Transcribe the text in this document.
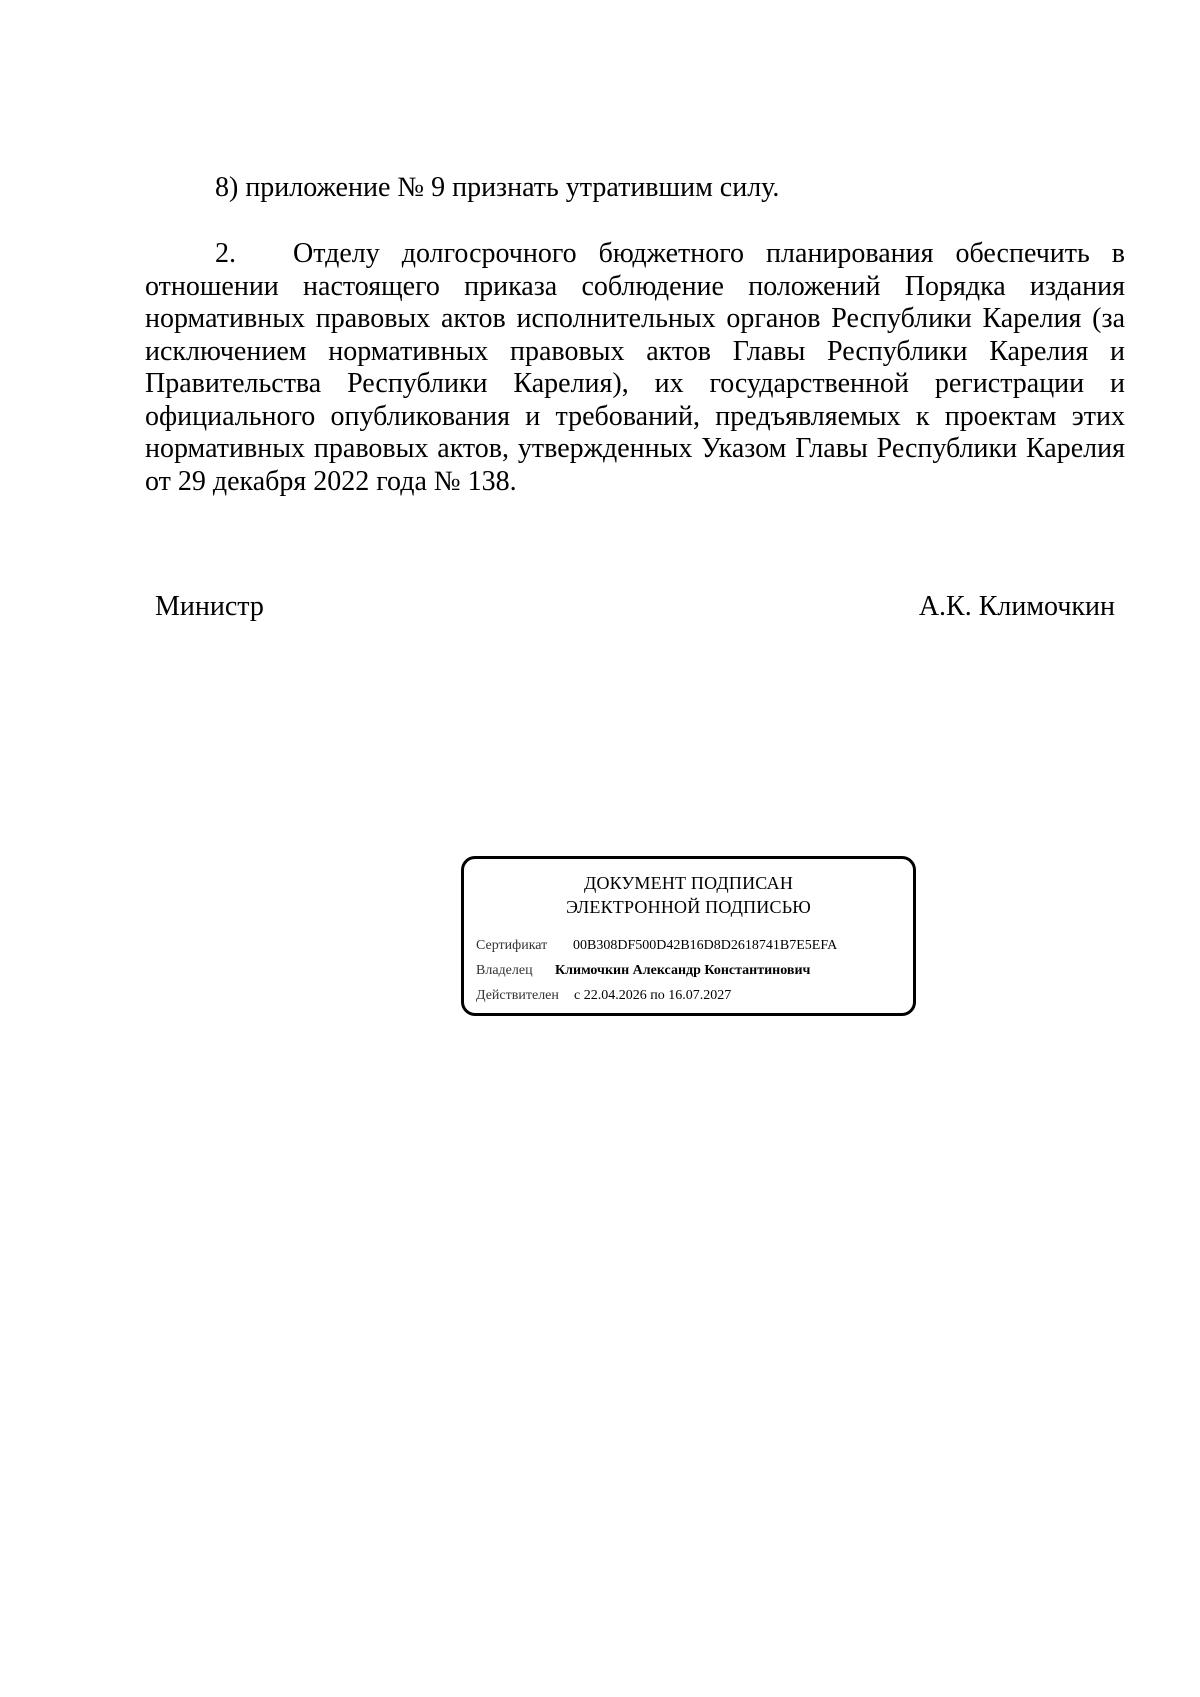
8) приложение № 9 признать утратившим силу.
2. Отделу долгосрочного бюджетного планирования обеспечить в отношении настоящего приказа соблюдение положений Порядка издания нормативных правовых актов исполнительных органов Республики Карелия (за исключением нормативных правовых актов Главы Республики Карелия и Правительства Республики Карелия), их государственной регистрации и официального опубликования и требований, предъявляемых к проектам этих нормативных правовых актов, утвержденных Указом Главы Республики Карелия от 29 декабря 2022 года № 138.
Министр	А.К. Климочкин
ДОКУМЕНТ ПОДПИСАН
ЭЛЕКТРОННОЙ ПОДПИСЬЮ
Сертификат 00B308DF500D42B16D8D2618741B7E5EFA
Владелец Климочкин Александр Константинович
Действителен с 22.04.2026 по 16.07.2027
